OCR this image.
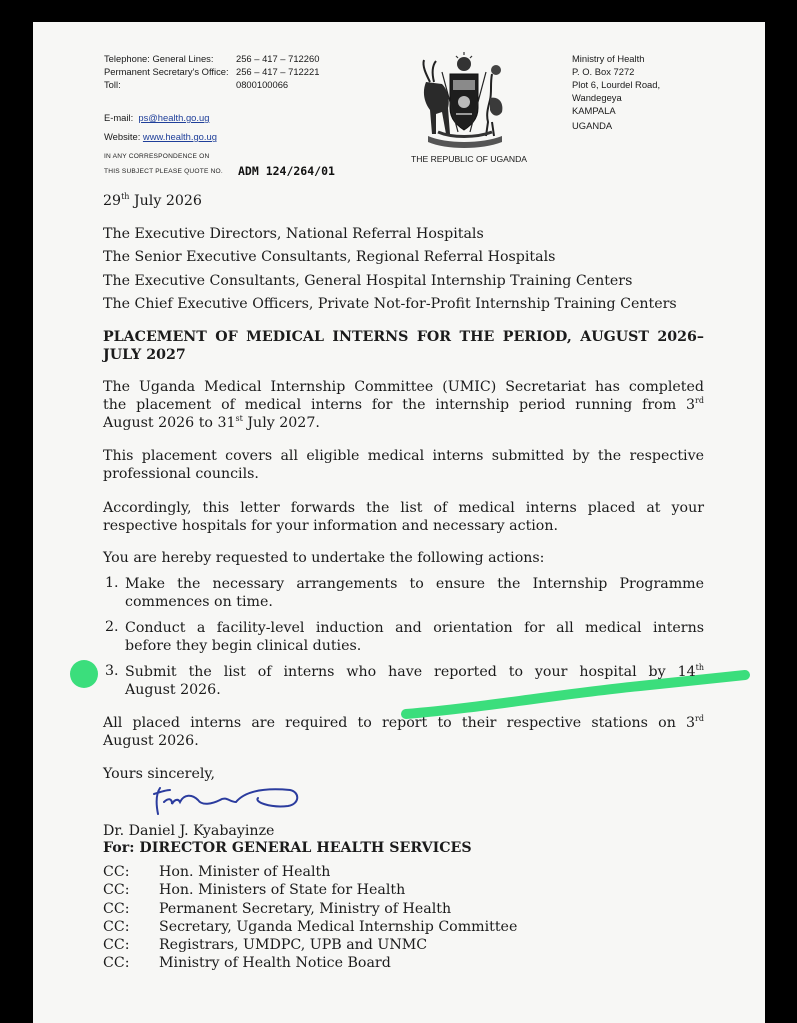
Telephone: General Lines: 256 – 417 – 712260
Permanent Secretary's Office: 256 – 417 – 712221
Toll:	0800100066
E-mail: ps@health.go.ug
Website: www.health.go.ug
IN ANY CORRESPONDENCE ON
THIS SUBJECT PLEASE QUOTE NO. ADM 124/264/01
THE REPUBLIC OF UGANDA
Ministry of Health
P. O. Box 7272
Plot 6, Lourdel Road,
Wandegeya
KAMPALA
UGANDA
29th July 2026
The Executive Directors, National Referral Hospitals
The Senior Executive Consultants, Regional Referral Hospitals
The Executive Consultants, General Hospital Internship Training Centers
The Chief Executive Officers, Private Not-for-Profit Internship Training Centers
PLACEMENT OF MEDICAL INTERNS FOR THE PERIOD, AUGUST 2026–
JULY 2027
The Uganda Medical Internship Committee (UMIC) Secretariat has completed
the placement of medical interns for the internship period running from 3rd
August 2026 to 31st July 2027.
This placement covers all eligible medical interns submitted by the respective
professional councils.
Accordingly, this letter forwards the list of medical interns placed at your
respective hospitals for your information and necessary action.
You are hereby requested to undertake the following actions:
1. Make the necessary arrangements to ensure the Internship Programme
commences on time.
2. Conduct a facility-level induction and orientation for all medical interns
before they begin clinical duties.
3. Submit the list of interns who have reported to your hospital by 14th
August 2026.
All placed interns are required to report to their respective stations on 3rd
August 2026.
Yours sincerely,
Dr. Daniel J. Kyabayinze
For: DIRECTOR GENERAL HEALTH SERVICES
CC: Hon. Minister of Health
CC: Hon. Ministers of State for Health
CC: Permanent Secretary, Ministry of Health
CC: Secretary, Uganda Medical Internship Committee
CC: Registrars, UMDPC, UPB and UNMC
CC: Ministry of Health Notice Board
